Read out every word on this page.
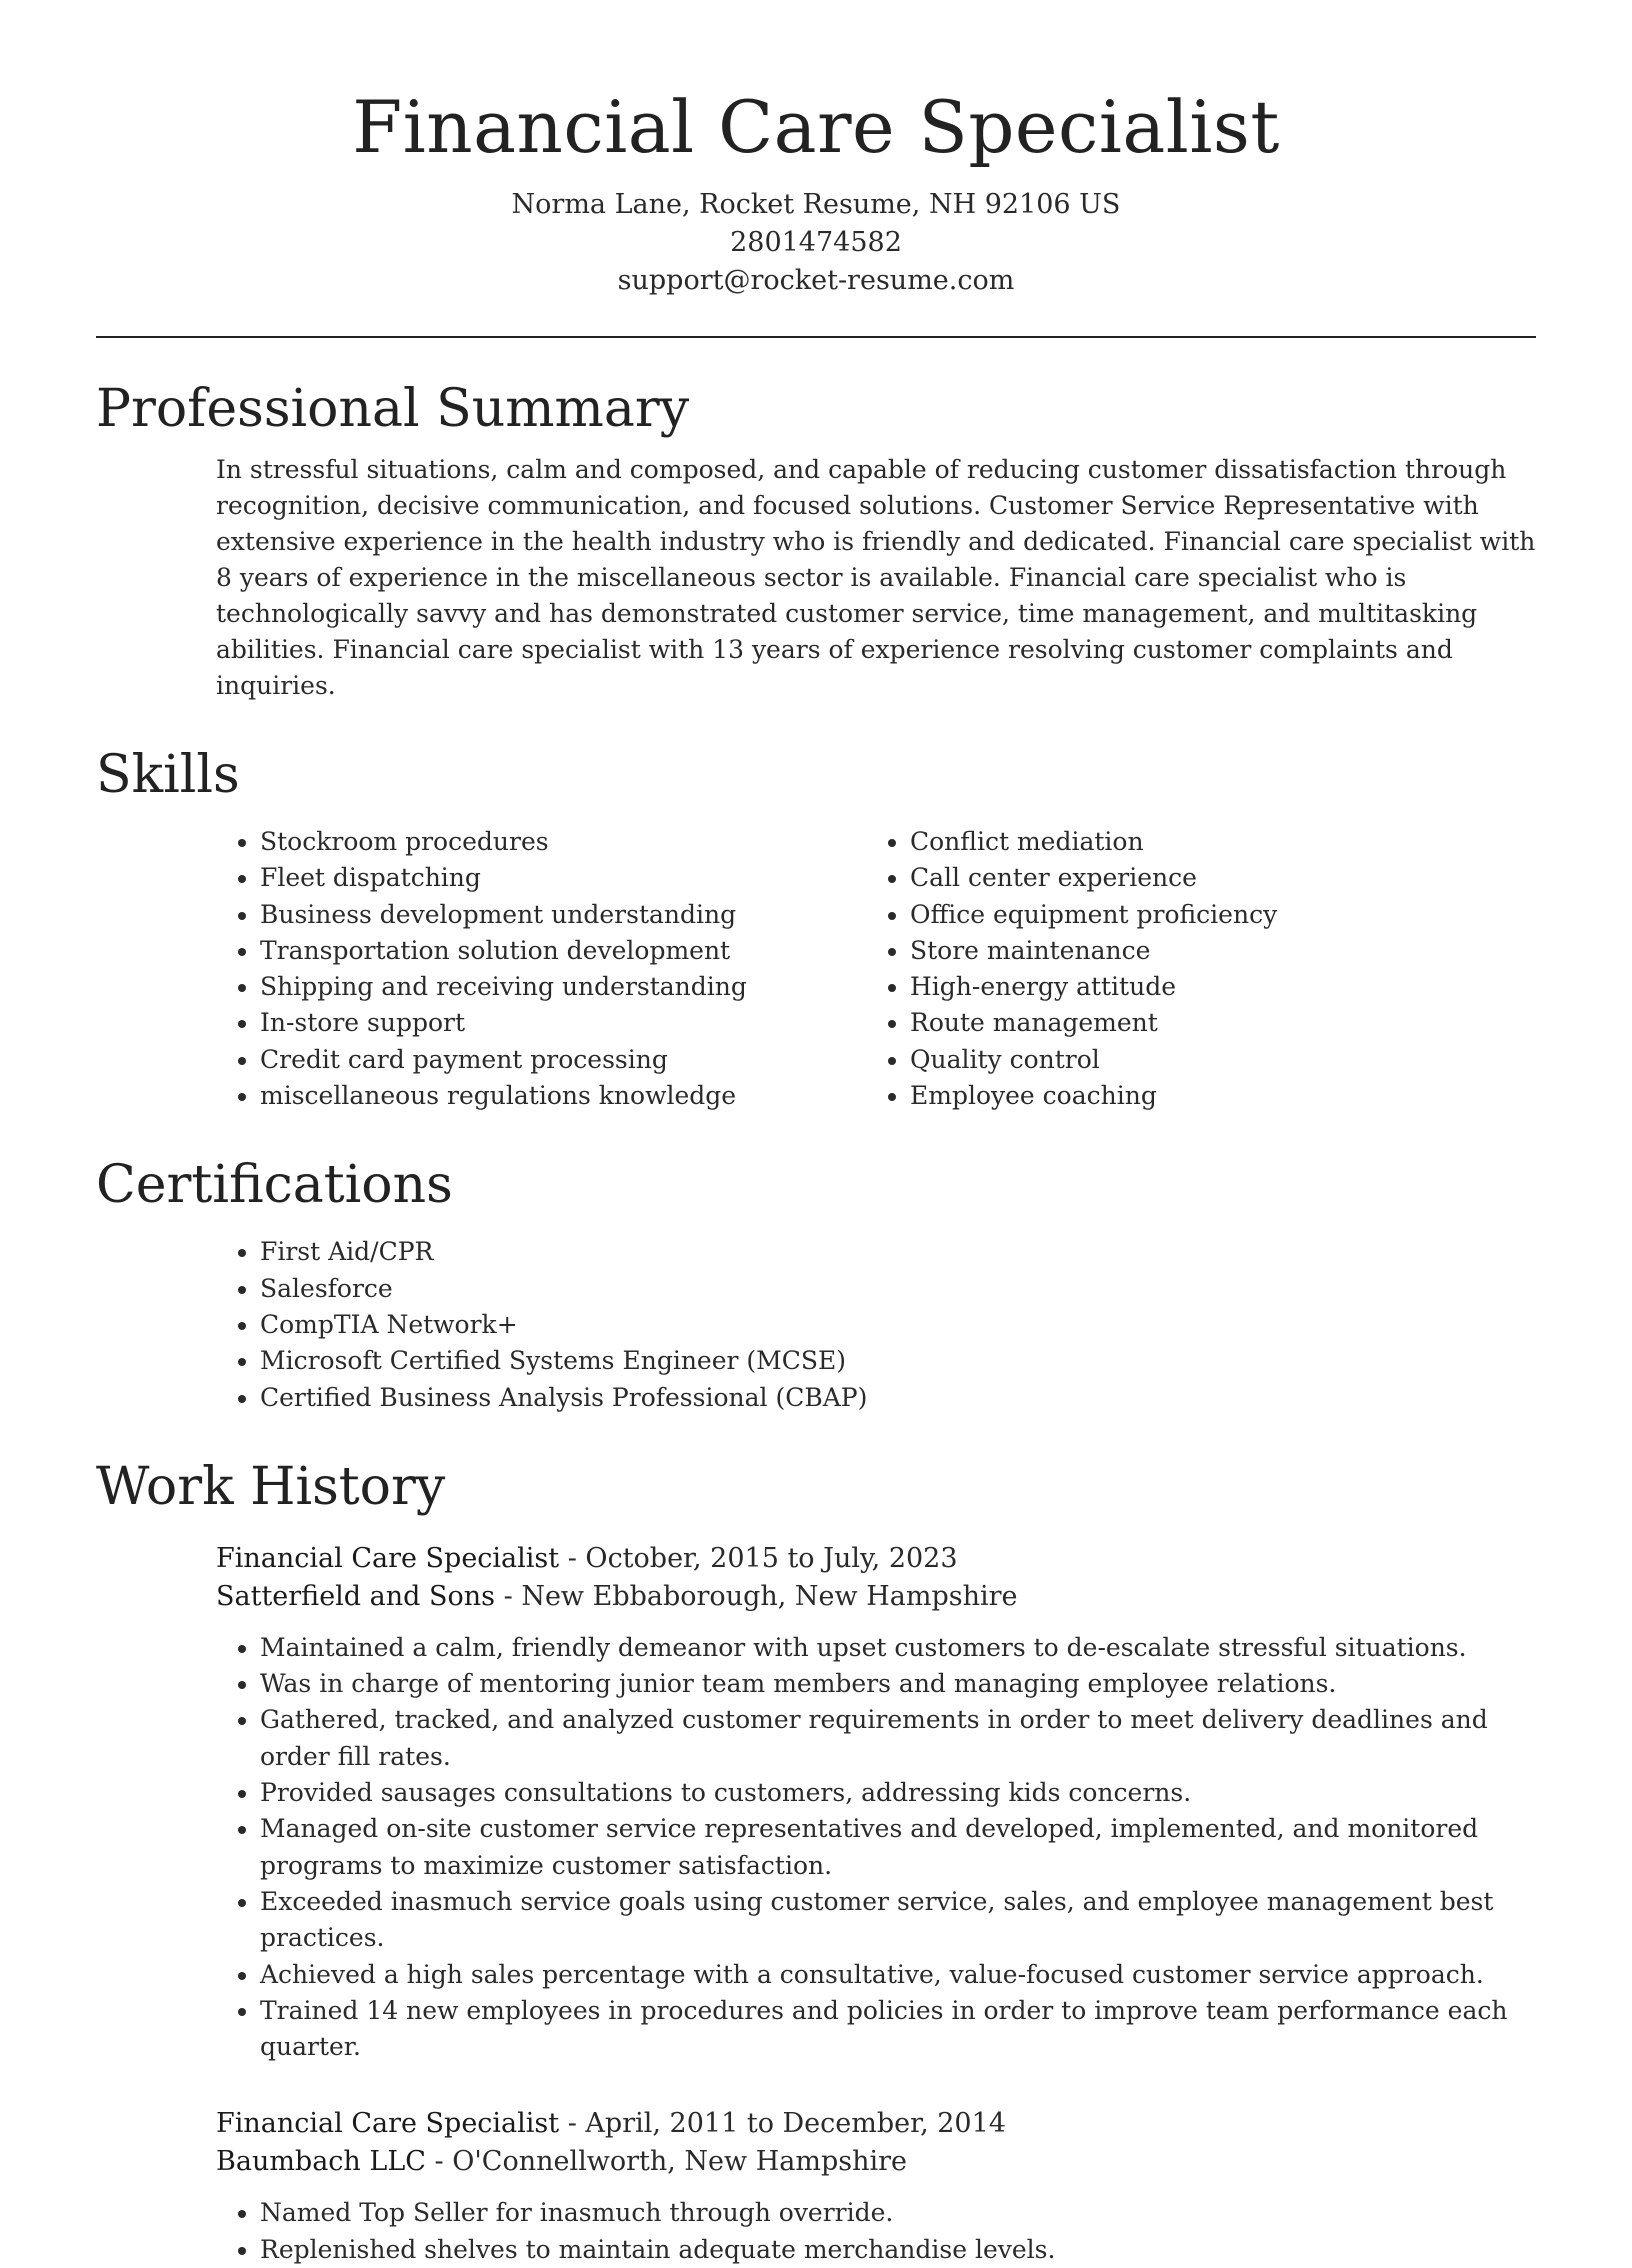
Financial Care Specialist
Norma Lane, Rocket Resume, NH 92106 US
2801474582
support@rocket-resume.com
Professional Summary

In stressful situations, calm and composed, and capable of reducing customer dissatisfaction through recognition, decisive communication, and focused solutions. Customer Service Representative with extensive experience in the health industry who is friendly and dedicated. Financial care specialist with 8 years of experience in the miscellaneous sector is available. Financial care specialist who is technologically savvy and has demonstrated customer service, time management, and multitasking abilities. Financial care specialist with 13 years of experience resolving customer complaints and inquiries.

Skills
• Stockroom procedures
• Fleet dispatching
• Business development understanding
• Transportation solution development
• Shipping and receiving understanding
• In-store support
• Credit card payment processing
• miscellaneous regulations knowledge
• Conflict mediation
• Call center experience
• Office equipment proficiency
• Store maintenance
• High-energy attitude
• Route management
• Quality control
• Employee coaching
Certifications
• First Aid/CPR
• Salesforce
• CompTIA Network+
• Microsoft Certified Systems Engineer (MCSE)
• Certified Business Analysis Professional (CBAP)
Work History
Financial Care Specialist - October, 2015 to July, 2023
Satterfield and Sons - New Ebbaborough, New Hampshire
• Maintained a calm, friendly demeanor with upset customers to de-escalate stressful situations.
• Was in charge of mentoring junior team members and managing employee relations.
• Gathered, tracked, and analyzed customer requirements in order to meet delivery deadlines and order fill rates.
• Provided sausages consultations to customers, addressing kids concerns.
• Managed on-site customer service representatives and developed, implemented, and monitored programs to maximize customer satisfaction.
• Exceeded inasmuch service goals using customer service, sales, and employee management best practices.
• Achieved a high sales percentage with a consultative, value-focused customer service approach.
• Trained 14 new employees in procedures and policies in order to improve team performance each quarter.
Financial Care Specialist - April, 2011 to December, 2014
Baumbach LLC - O'Connellworth, New Hampshire
• Named Top Seller for inasmuch through override.
• Replenished shelves to maintain adequate merchandise levels.
